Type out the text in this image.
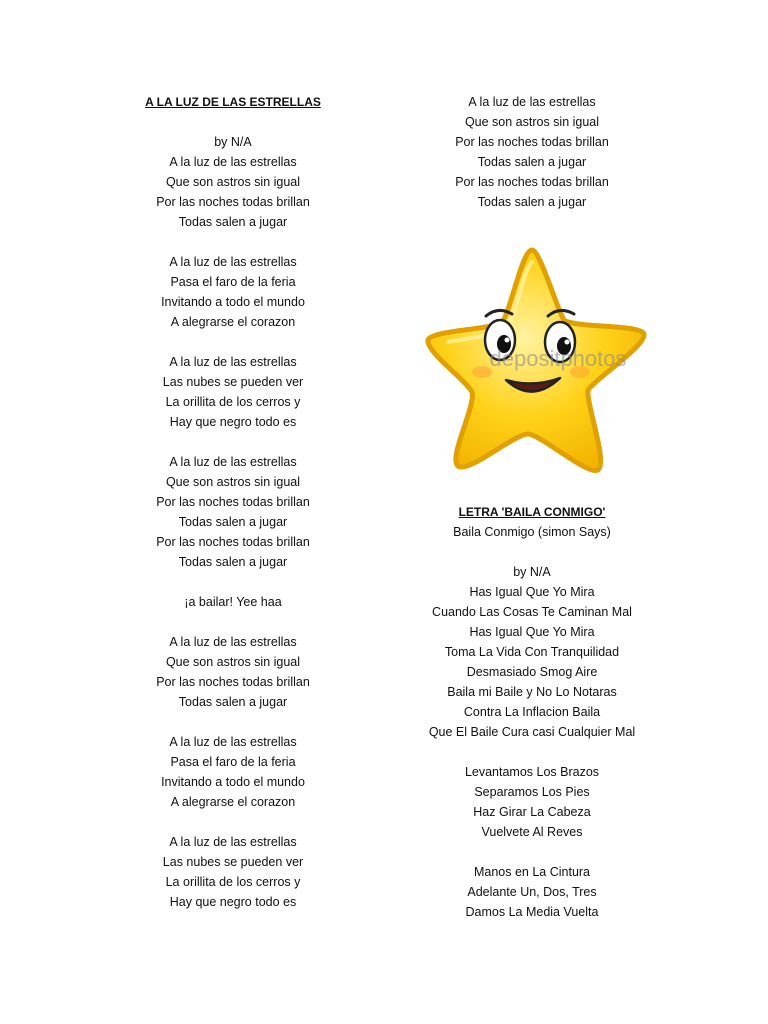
A LA LUZ DE LAS ESTRELLAS
by N/A
A la luz de las estrellas
Que son astros sin igual
Por las noches todas brillan
Todas salen a jugar
A la luz de las estrellas
Pasa el faro de la feria
Invitando a todo el mundo
A alegrarse el corazon
A la luz de las estrellas
Las nubes se pueden ver
La orillita de los cerros y
Hay que negro todo es
A la luz de las estrellas
Que son astros sin igual
Por las noches todas brillan
Todas salen a jugar
Por las noches todas brillan
Todas salen a jugar
¡a bailar! Yee haa
A la luz de las estrellas
Que son astros sin igual
Por las noches todas brillan
Todas salen a jugar
A la luz de las estrellas
Pasa el faro de la feria
Invitando a todo el mundo
A alegrarse el corazon
A la luz de las estrellas
Las nubes se pueden ver
La orillita de los cerros y
Hay que negro todo es
A la luz de las estrellas
Que son astros sin igual
Por las noches todas brillan
Todas salen a jugar
Por las noches todas brillan
Todas salen a jugar
depositphotos
LETRA 'BAILA CONMIGO'
Baila Conmigo (simon Says)
by N/A
Has Igual Que Yo Mira
Cuando Las Cosas Te Caminan Mal
Has Igual Que Yo Mira
Toma La Vida Con Tranquilidad
Desmasiado Smog Aire
Baila mi Baile y No Lo Notaras
Contra La Inflacion Baila
Que El Baile Cura casi Cualquier Mal
Levantamos Los Brazos
Separamos Los Pies
Haz Girar La Cabeza
Vuelvete Al Reves
Manos en La Cintura
Adelante Un, Dos, Tres
Damos La Media Vuelta
